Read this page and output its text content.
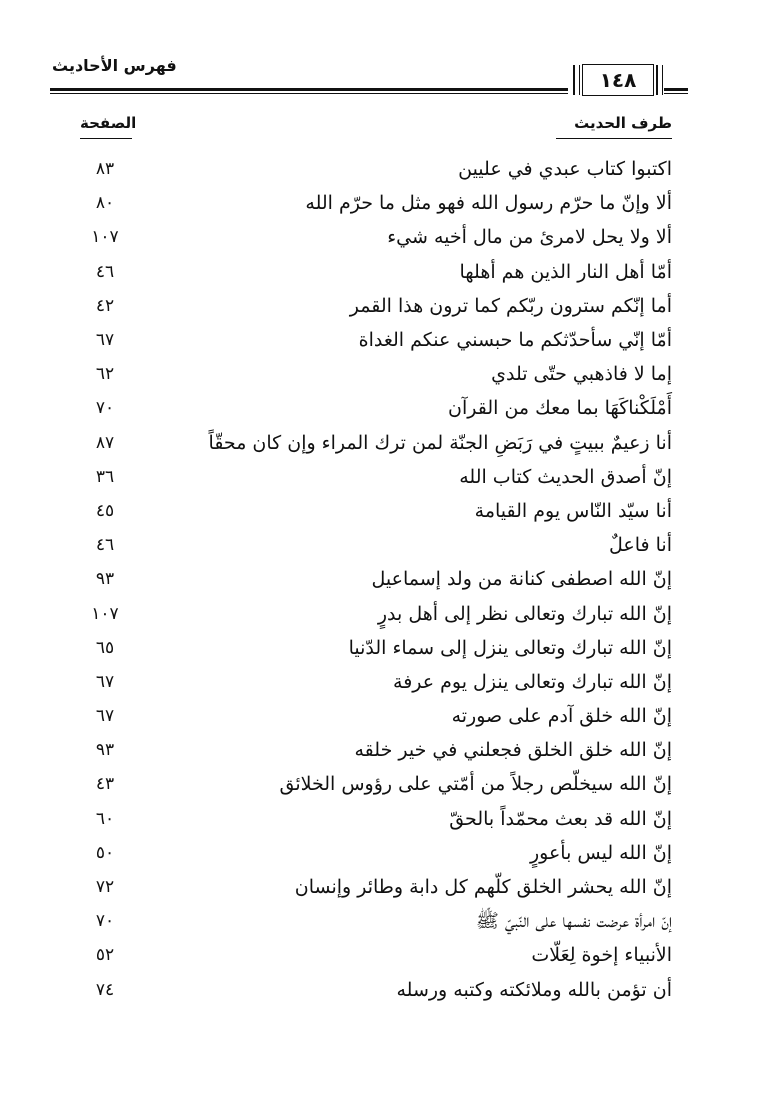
فهرس الأحاديث
١٤٨
طرف الحديث
الصفحة
اكتبوا كتاب عبدي في عليين
٨٣
ألا وإنّ ما حرّم رسول الله فهو مثل ما حرّم الله
٨٠
ألا ولا يحل لامرئ من مال أخيه شيء
١٠٧
أمّا أهل النار الذين هم أهلها
٤٦
أما إنّكم سترون ربّكم كما ترون هذا القمر
٤٢
أمّا إنّي سأحدّثكم ما حبسني عنكم الغداة
٦٧
إما لا فاذهبي حتّى تلدي
٦٢
أَمْلَكْناكَهَا بما معك من القرآن
٧٠
أنا زعيمٌ ببيتٍ في رَبَضِ الجنّة لمن ترك المراء وإن كان محقّاً
٨٧
إنّ أصدق الحديث كتاب الله
٣٦
أنا سيّد النّاس يوم القيامة
٤٥
أنا فاعلٌ
٤٦
إنّ الله اصطفى كنانة من ولد إسماعيل
٩٣
إنّ الله تبارك وتعالى نظر إلى أهل بدرٍ
١٠٧
إنّ الله تبارك وتعالى ينزل إلى سماء الدّنيا
٦٥
إنّ الله تبارك وتعالى ينزل يوم عرفة
٦٧
إنّ الله خلق آدم على صورته
٦٧
إنّ الله خلق الخلق فجعلني في خير خلقه
٩٣
إنّ الله سيخلّص رجلاً من أمّتي على رؤوس الخلائق
٤٣
إنّ الله قد بعث محمّداً بالحقّ
٦٠
إنّ الله ليس بأعورٍ
٥٠
إنّ الله يحشر الخلق كلّهم كل دابة وطائر وإنسان
٧٢
إنّ امرأة عرضت نفسها على النّبيّ ﷺ
٧٠
الأنبياء إخوة لِعَلّات
٥٢
أن تؤمن بالله وملائكته وكتبه ورسله
٧٤
